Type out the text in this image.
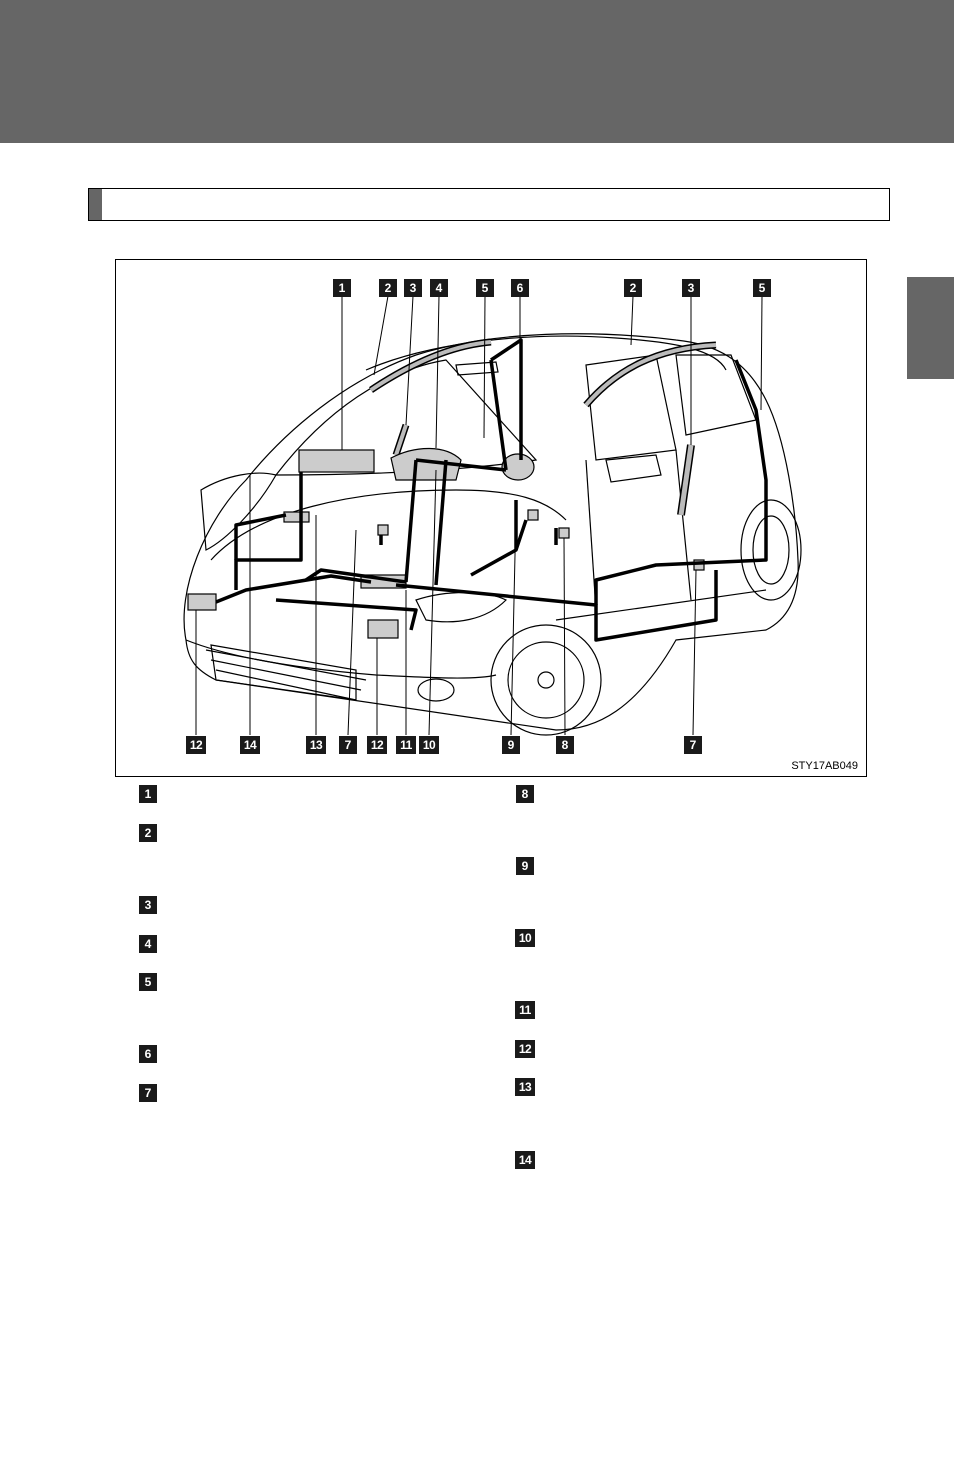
1	2	3	4	5	6	2	3	5
12	14	13	7	12	11 10	9	8	7
STY17AB049
1
2
3
4
5
6
7
8
9
10
11
12
13
14
